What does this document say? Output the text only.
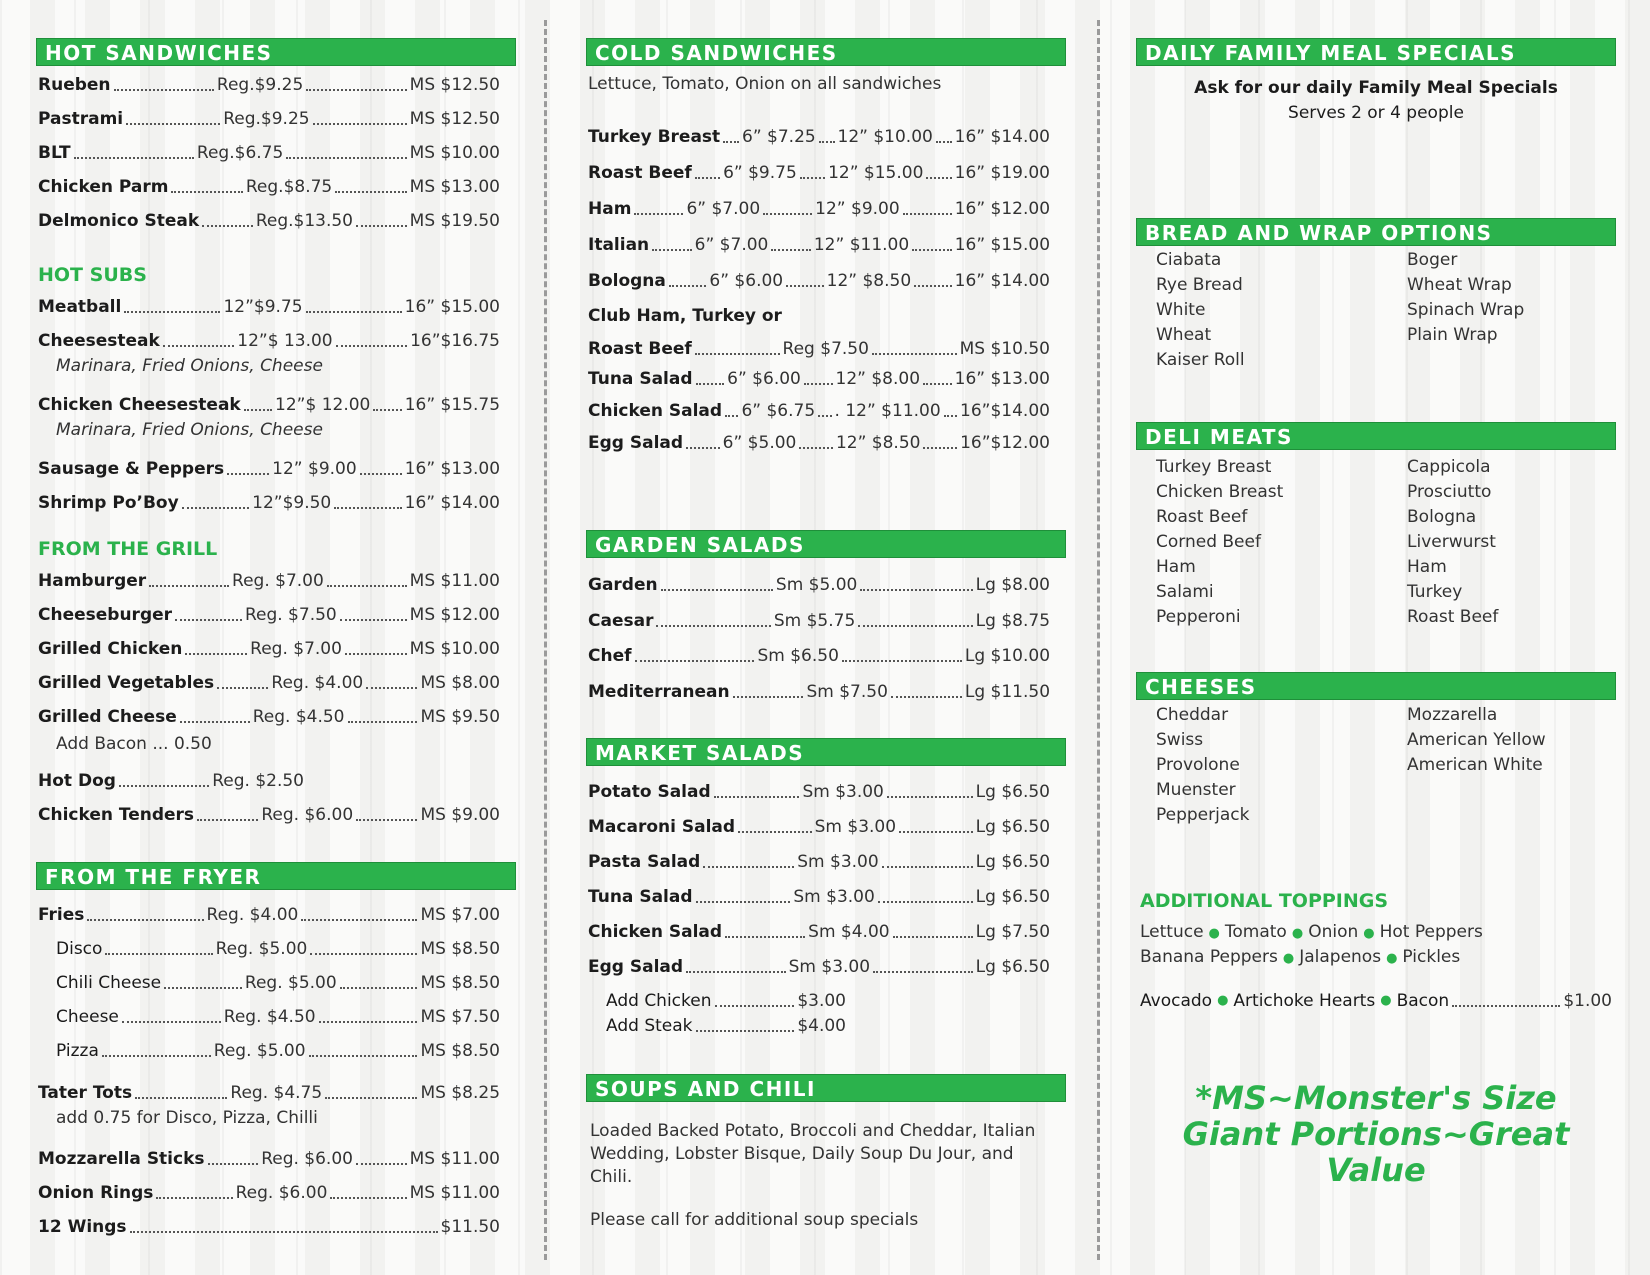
HOT SANDWICHES
Rueben	Reg.$9.25	MS $12.50
Pastrami	Reg.$9.25	MS $12.50
BLT	Reg.$6.75	MS $10.00
Chicken Parm	Reg.$8.75	MS $13.00
Delmonico Steak	Reg.$13.50	MS $19.50
HOT SUBS
Meatball	12”$9.75	16” $15.00
Cheesesteak	12”$ 13.00	16”$16.75
Marinara, Fried Onions, Cheese
Chicken Cheesesteak 12”$ 12.00 16” $15.75
Marinara, Fried Onions, Cheese
Sausage & Peppers	12” $9.00	16” $13.00
Shrimp Po’Boy	12”$9.50	16” $14.00
FROM THE GRILL
Hamburger	Reg. $7.00	MS $11.00
Cheeseburger	Reg. $7.50	MS $12.00
Grilled Chicken	Reg. $7.00	MS $10.00
Grilled Vegetables	Reg. $4.00	MS $8.00
Grilled Cheese	Reg. $4.50	MS $9.50
Add Bacon ... 0.50
Hot Dog	Reg. $2.50
Chicken Tenders	Reg. $6.00	MS $9.00
FROM THE FRYER
Fries	Reg. $4.00	MS $7.00
Disco	Reg. $5.00	MS $8.50
Chili Cheese	Reg. $5.00	MS $8.50
Cheese	Reg. $4.50	MS $7.50
Pizza	Reg. $5.00	MS $8.50
Tater Tots	Reg. $4.75	MS $8.25
add 0.75 for Disco, Pizza, Chilli
Mozzarella Sticks	Reg. $6.00	MS $11.00
Onion Rings	Reg. $6.00	MS $11.00
12 Wings	$11.50
COLD SANDWICHES
Lettuce, Tomato, Onion on all sandwiches
Turkey Breast 6” $7.25 12” $10.00 16” $14.00
Roast Beef 6” $9.75 12” $15.00 16” $19.00
Ham	6” $7.00	12” $9.00	16” $12.00
Italian	6” $7.00	12” $11.00	16” $15.00
Bologna	6” $6.00	12” $8.50	16” $14.00
Club Ham, Turkey or
Roast Beef	Reg $7.50	MS $10.50
Tuna Salad 6” $6.00 12” $8.00 16” $13.00
Chicken Salad 6” $6.75 . 12” $11.00 16”$14.00
Egg Salad 6” $5.00 12” $8.50 16”$12.00
GARDEN SALADS
Garden	Sm $5.00	Lg $8.00
Caesar	Sm $5.75	Lg $8.75
Chef	Sm $6.50	Lg $10.00
Mediterranean	Sm $7.50	Lg $11.50
MARKET SALADS
Potato Salad	Sm $3.00	Lg $6.50
Macaroni Salad	Sm $3.00	Lg $6.50
Pasta Salad	Sm $3.00	Lg $6.50
Tuna Salad	Sm $3.00	Lg $6.50
Chicken Salad	Sm $4.00	Lg $7.50
Egg Salad	Sm $3.00	Lg $6.50
Add Chicken	$3.00
Add Steak	$4.00
SOUPS AND CHILI
Loaded Backed Potato, Broccoli and Cheddar, Italian Wedding, Lobster Bisque, Daily Soup Du Jour, and Chili.
Please call for additional soup specials
DAILY FAMILY MEAL SPECIALS
Ask for our daily Family Meal Specials
Serves 2 or 4 people
BREAD AND WRAP OPTIONS
Ciabata
Rye Bread
White
Wheat
Kaiser Roll
Boger
Wheat Wrap
Spinach Wrap
Plain Wrap
DELI MEATS
Turkey Breast
Chicken Breast
Roast Beef
Corned Beef
Ham
Salami
Pepperoni
Cappicola
Prosciutto
Bologna
Liverwurst
Ham
Turkey
Roast Beef
CHEESES
Cheddar
Swiss
Provolone
Muenster
Pepperjack
Mozzarella
American Yellow
American White
ADDITIONAL TOPPINGS
Lettuce ● Tomato ● Onion ● Hot Peppers
Banana Peppers ● Jalapenos ● Pickles
Avocado ● Artichoke Hearts ● Bacon	$1.00
*MS~Monster's Size
Giant Portions~Great Value
